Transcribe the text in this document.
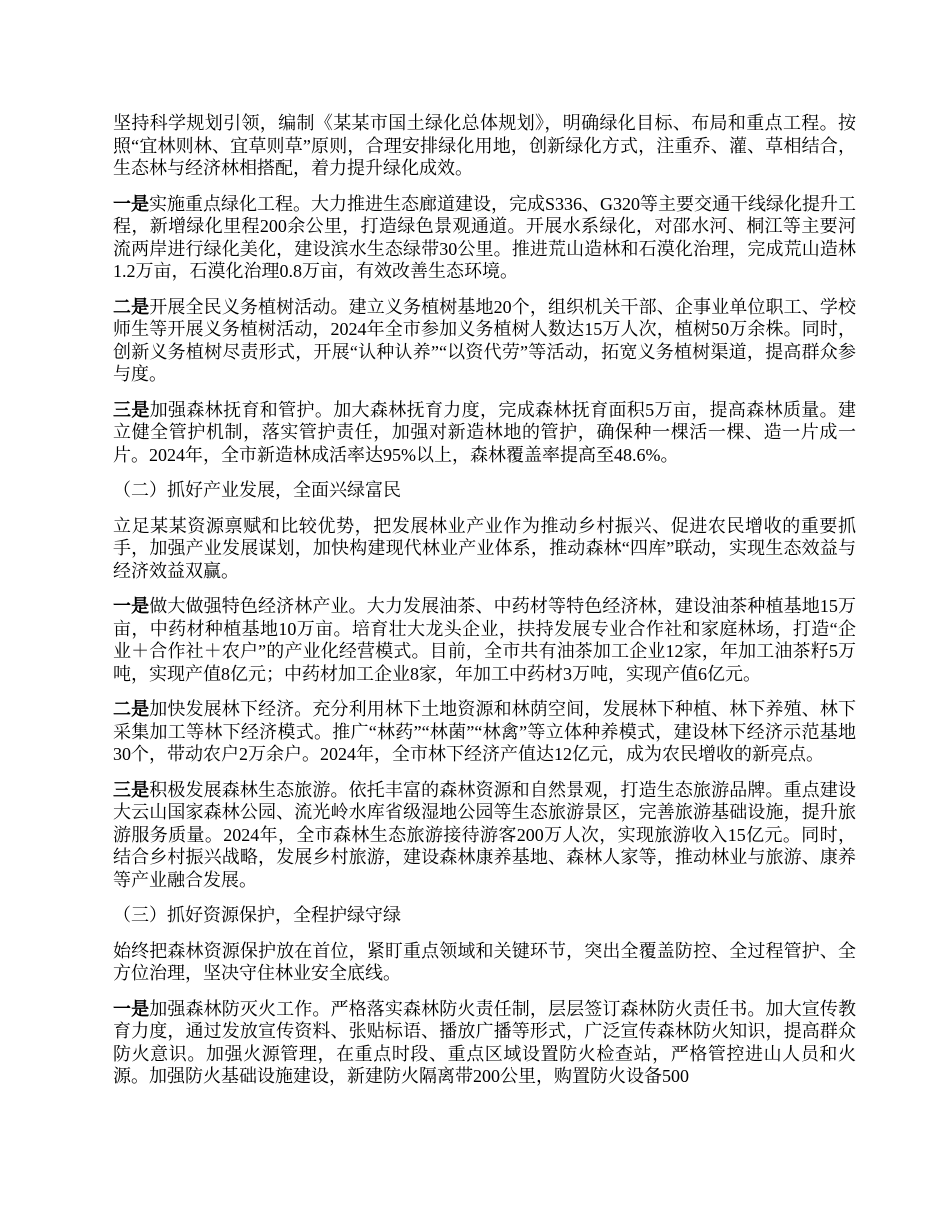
坚持科学规划引领，编制《某某市国土绿化总体规划》，明确绿化目标、布局和重点工程。按照“宜林则林、宜草则草”原则，合理安排绿化用地，创新绿化方式，注重乔、灌、草相结合，生态林与经济林相搭配，着力提升绿化成效。

一是实施重点绿化工程。大力推进生态廊道建设，完成S336、G320等主要交通干线绿化提升工程，新增绿化里程200余公里，打造绿色景观通道。开展水系绿化，对邵水河、桐江等主要河流两岸进行绿化美化，建设滨水生态绿带30公里。推进荒山造林和石漠化治理，完成荒山造林1.2万亩，石漠化治理0.8万亩，有效改善生态环境。

二是开展全民义务植树活动。建立义务植树基地20个，组织机关干部、企事业单位职工、学校师生等开展义务植树活动，2024年全市参加义务植树人数达15万人次，植树50万余株。同时，创新义务植树尽责形式，开展“认种认养”“以资代劳”等活动，拓宽义务植树渠道，提高群众参与度。

三是加强森林抚育和管护。加大森林抚育力度，完成森林抚育面积5万亩，提高森林质量。建立健全管护机制，落实管护责任，加强对新造林地的管护，确保种一棵活一棵、造一片成一片。2024年，全市新造林成活率达95%以上，森林覆盖率提高至48.6%。

（二）抓好产业发展，全面兴绿富民

立足某某资源禀赋和比较优势，把发展林业产业作为推动乡村振兴、促进农民增收的重要抓手，加强产业发展谋划，加快构建现代林业产业体系，推动森林“四库”联动，实现生态效益与经济效益双赢。

一是做大做强特色经济林产业。大力发展油茶、中药材等特色经济林，建设油茶种植基地15万亩，中药材种植基地10万亩。培育壮大龙头企业，扶持发展专业合作社和家庭林场，打造“企业＋合作社＋农户”的产业化经营模式。目前，全市共有油茶加工企业12家，年加工油茶籽5万吨，实现产值8亿元；中药材加工企业8家，年加工中药材3万吨，实现产值6亿元。

二是加快发展林下经济。充分利用林下土地资源和林荫空间，发展林下种植、林下养殖、林下采集加工等林下经济模式。推广“林药”“林菌”“林禽”等立体种养模式，建设林下经济示范基地30个，带动农户2万余户。2024年，全市林下经济产值达12亿元，成为农民增收的新亮点。

三是积极发展森林生态旅游。依托丰富的森林资源和自然景观，打造生态旅游品牌。重点建设大云山国家森林公园、流光岭水库省级湿地公园等生态旅游景区，完善旅游基础设施，提升旅游服务质量。2024年，全市森林生态旅游接待游客200万人次，实现旅游收入15亿元。同时，结合乡村振兴战略，发展乡村旅游，建设森林康养基地、森林人家等，推动林业与旅游、康养等产业融合发展。

（三）抓好资源保护，全程护绿守绿

始终把森林资源保护放在首位，紧盯重点领域和关键环节，突出全覆盖防控、全过程管护、全方位治理，坚决守住林业安全底线。

一是加强森林防灭火工作。严格落实森林防火责任制，层层签订森林防火责任书。加大宣传教育力度，通过发放宣传资料、张贴标语、播放广播等形式，广泛宣传森林防火知识，提高群众防火意识。加强火源管理，在重点时段、重点区域设置防火检查站，严格管控进山人员和火源。加强防火基础设施建设，新建防火隔离带200公里，购置防火设备500
